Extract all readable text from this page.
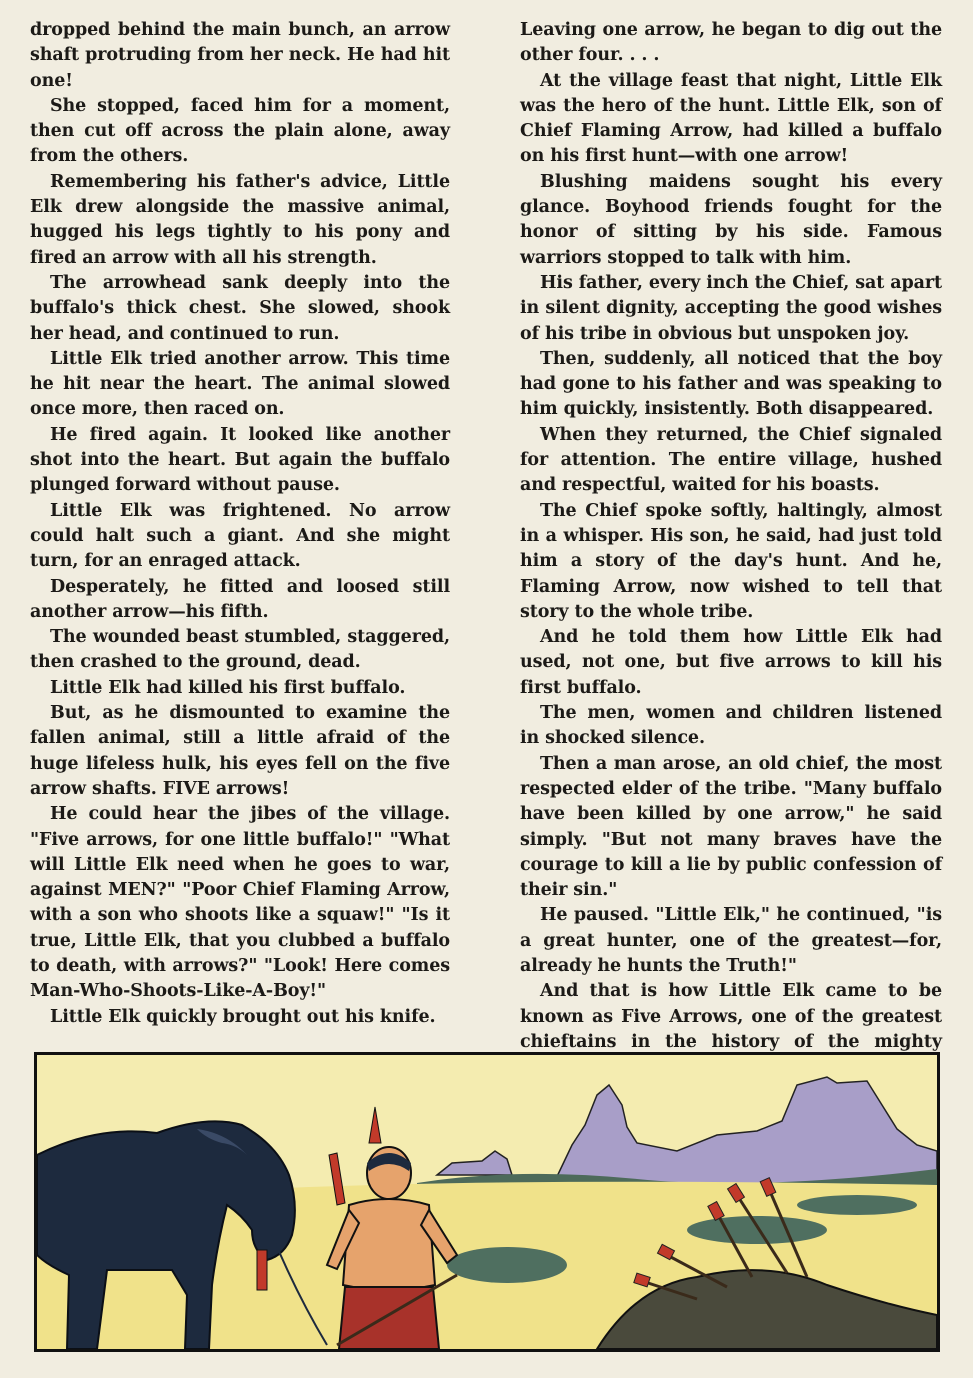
dropped behind the main bunch, an arrow shaft protruding from her neck. He had hit one!

She stopped, faced him for a moment, then cut off across the plain alone, away from the others.

Remembering his father's advice, Little Elk drew alongside the massive animal, hugged his legs tightly to his pony and fired an arrow with all his strength.

The arrowhead sank deeply into the buffalo's thick chest. She slowed, shook her head, and continued to run.

Little Elk tried another arrow. This time he hit near the heart. The animal slowed once more, then raced on.

He fired again. It looked like another shot into the heart. But again the buffalo plunged forward without pause.

Little Elk was frightened. No arrow could halt such a giant. And she might turn, for an enraged attack.

Desperately, he fitted and loosed still another arrow—his fifth.

The wounded beast stumbled, staggered, then crashed to the ground, dead.

Little Elk had killed his first buffalo.

But, as he dismounted to examine the fallen animal, still a little afraid of the huge lifeless hulk, his eyes fell on the five arrow shafts. FIVE arrows!

He could hear the jibes of the village. "Five arrows, for one little buffalo!" "What will Little Elk need when he goes to war, against MEN?" "Poor Chief Flaming Arrow, with a son who shoots like a squaw!" "Is it true, Little Elk, that you clubbed a buffalo to death, with arrows?" "Look! Here comes Man-Who-Shoots-Like-A-Boy!"

Little Elk quickly brought out his knife.

Leaving one arrow, he began to dig out the other four. . . .

At the village feast that night, Little Elk was the hero of the hunt. Little Elk, son of Chief Flaming Arrow, had killed a buffalo on his first hunt—with one arrow!

Blushing maidens sought his every glance. Boyhood friends fought for the honor of sitting by his side. Famous warriors stopped to talk with him.

His father, every inch the Chief, sat apart in silent dignity, accepting the good wishes of his tribe in obvious but unspoken joy.

Then, suddenly, all noticed that the boy had gone to his father and was speaking to him quickly, insistently. Both disappeared.

When they returned, the Chief signaled for attention. The entire village, hushed and respectful, waited for his boasts.

The Chief spoke softly, haltingly, almost in a whisper. His son, he said, had just told him a story of the day's hunt. And he, Flaming Arrow, now wished to tell that story to the whole tribe.

And he told them how Little Elk had used, not one, but five arrows to kill his first buffalo.

The men, women and children listened in shocked silence.

Then a man arose, an old chief, the most respected elder of the tribe. "Many buffalo have been killed by one arrow," he said simply. "But not many braves have the courage to kill a lie by public confession of their sin."

He paused. "Little Elk," he continued, "is a great hunter, one of the greatest—for, already he hunts the Truth!"

And that is how Little Elk came to be known as Five Arrows, one of the greatest chieftains in the history of the mighty
